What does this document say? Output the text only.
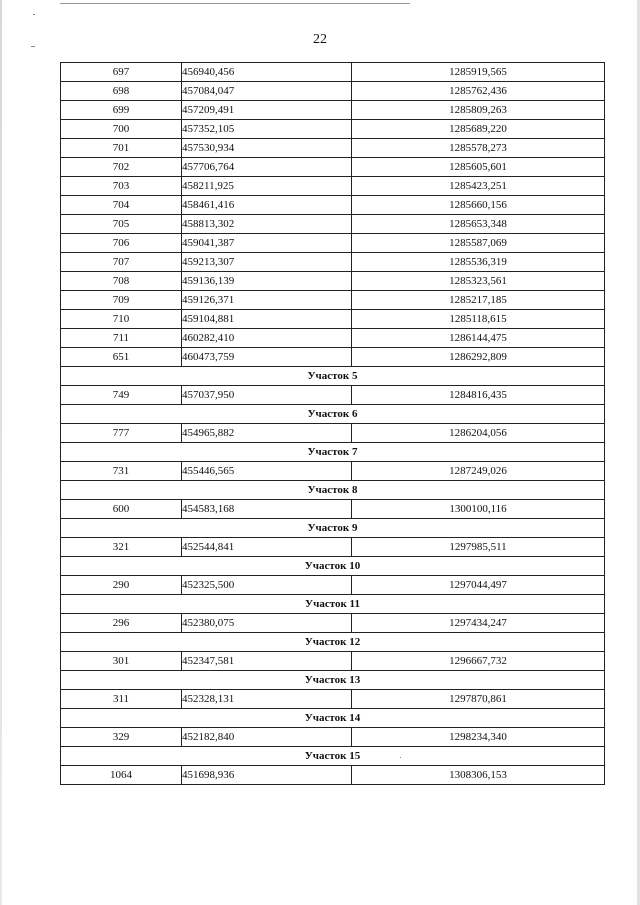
22
697	456940,456	1285919,565
698	457084,047	1285762,436
699	457209,491	1285809,263
700	457352,105	1285689,220
701	457530,934	1285578,273
702	457706,764	1285605,601
703	458211,925	1285423,251
704	458461,416	1285660,156
705	458813,302	1285653,348
706	459041,387	1285587,069
707	459213,307	1285536,319
708	459136,139	1285323,561
709	459126,371	1285217,185
710	459104,881	1285118,615
711	460282,410	1286144,475
651	460473,759	1286292,809
Участок 5		
749	457037,950	1284816,435
Участок 6		
777	454965,882	1286204,056
Участок 7		
731	455446,565	1287249,026
Участок 8		
600	454583,168	1300100,116
Участок 9		
321	452544,841	1297985,511
Участок 10		
290	452325,500	1297044,497
Участок 11		
296	452380,075	1297434,247
Участок 12		
301	452347,581	1296667,732
Участок 13		
311	452328,131	1297870,861
Участок 14		
329	452182,840	1298234,340
Участок 15		
1064	451698,936	1308306,153
